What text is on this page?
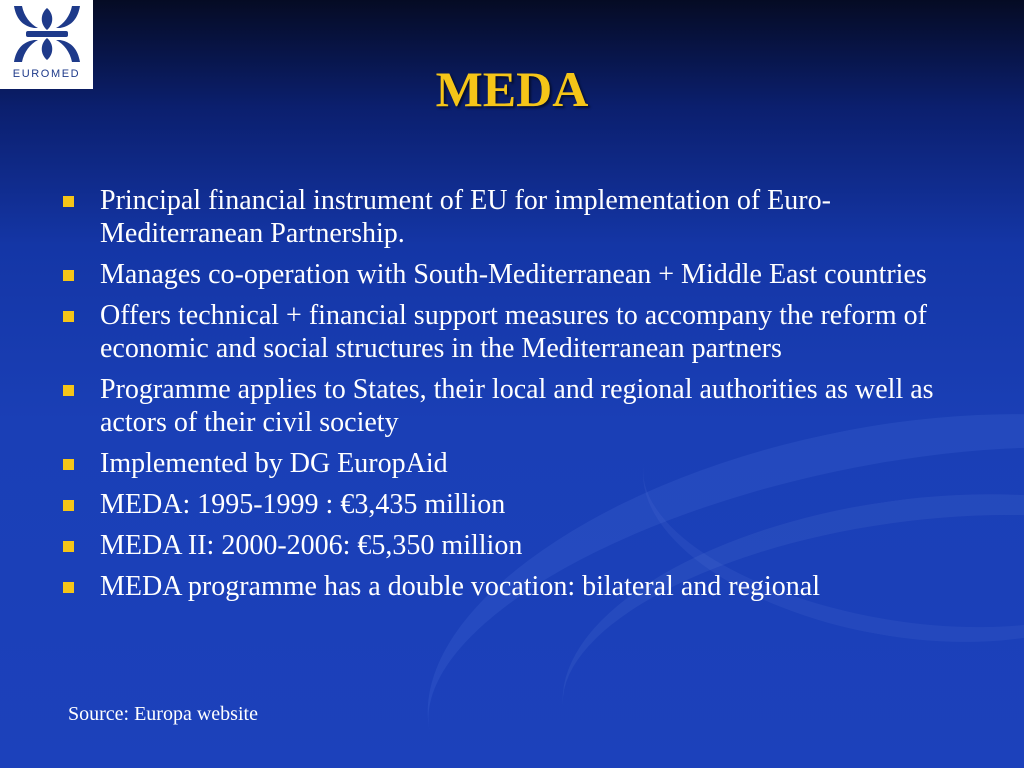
EUROMED	MEDA
Principal financial instrument of EU for implementation of Euro-Mediterranean Partnership.
Manages co-operation with South-Mediterranean + Middle East countries
Offers technical + financial support measures to accompany the reform of economic and social structures in the Mediterranean partners
Programme applies to States, their local and regional authorities as well as actors of their civil society
Implemented by DG EuropAid
MEDA: 1995-1999 : €3,435 million
MEDA II: 2000-2006: €5,350 million
MEDA programme has a double vocation: bilateral and regional
Source: Europa website
